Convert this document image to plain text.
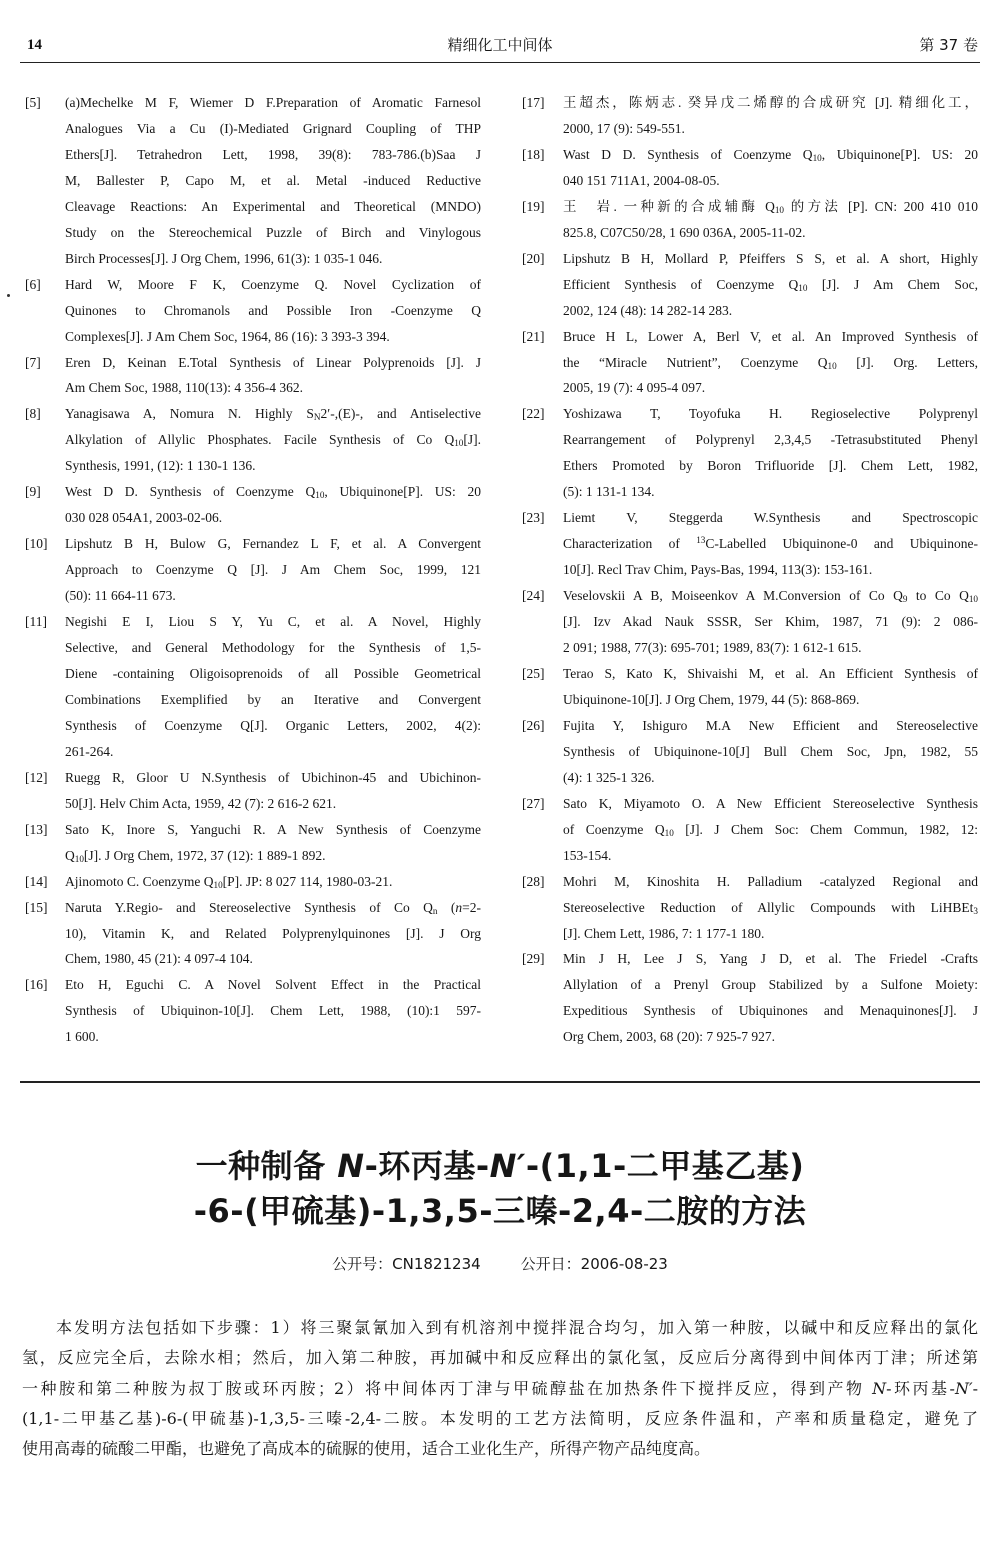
14	精细化工中间体	第 37 卷
[5] (a)Mechelke M F, Wiemer D F.Preparation of Aromatic Farnesol
Analogues Via a Cu (I)-Mediated Grignard Coupling of THP
Ethers[J]. Tetrahedron Lett, 1998, 39(8): 783-786.(b)Saa J
M, Ballester P, Capo M, et al. Metal -induced Reductive
Cleavage Reactions: An Experimental and Theoretical (MNDO)
Study on the Stereochemical Puzzle of Birch and Vinylogous
Birch Processes[J]. J Org Chem, 1996, 61(3): 1 035-1 046.
[6] Hard W, Moore F K, Coenzyme Q. Novel Cyclization of
Quinones to Chromanols and Possible Iron -Coenzyme Q
Complexes[J]. J Am Chem Soc, 1964, 86 (16): 3 393-3 394.
[7] Eren D, Keinan E.Total Synthesis of Linear Polyprenoids [J]. J
Am Chem Soc, 1988, 110(13): 4 356-4 362.
[8] Yanagisawa A, Nomura N. Highly $S_N2'-,(E)-$, and Antiselective
Alkylation of Allylic Phosphates. Facile Synthesis of Co $Q_{10}[J]$.
Synthesis, 1991, (12): 1 130-1 136.
[9] West D D. Synthesis of Coenzyme $Q_{10}$, Ubiquinone[P]. US: 20
030 028 054A1, 2003-02-06.
[10] Lipshutz B H, Bulow G, Fernandez L F, et al. A Convergent
Approach to Coenzyme Q [J]. J Am Chem Soc, 1999, 121
(50): 11 664-11 673.
[11] Negishi E I, Liou S Y, Yu C, et al. A Novel, Highly
Selective, and General Methodology for the Synthesis of 1,5-
Diene -containing Oligoisoprenoids of all Possible Geometrical
Combinations Exemplified by an Iterative and Convergent
Synthesis of Coenzyme Q[J]. Organic Letters, 2002, 4(2):
261-264.
[12] Ruegg R, Gloor U N.Synthesis of Ubichinon-45 and Ubichinon-
50[J]. Helv Chim Acta, 1959, 42 (7): 2 616-2 621.
[13] Sato K, Inore S, Yanguchi R. A New Synthesis of Coenzyme
$Q_{10}[J]$. J Org Chem, 1972, 37 (12): 1 889-1 892.
[14] Ajinomoto C. Coenzyme $Q_{10}[P]$. JP: 8 027 114, 1980-03-21.
[15] Naruta Y.Regio- and Stereoselective Synthesis of Co $Q_n$ (n=2-
10), Vitamin K, and Related Polyprenylquinones [J]. J Org
Chem, 1980, 45 (21): 4 097-4 104.
[16] Eto H, Eguchi C. A Novel Solvent Effect in the Practical
Synthesis of Ubiquinon-10[J]. Chem Lett, 1988, (10):1 597-
1 600.
[17] 王超杰，陈炳志. 癸异戊二烯醇的合成研究 [J]. 精细化工，
2000, 17 (9): 549-551.
[18] Wast D D. Synthesis of Coenzyme $Q_{10}$, Ubiquinone[P]. US: 20
040 151 711A1, 2004-08-05.
[19] 王　岩. 一种新的合成辅酶 $Q_{10}$ 的方法 [P]. CN: 200 410 010
825.8, C07C50/28, 1 690 036A, 2005-11-02.
[20] Lipshutz B H, Mollard P, Pfeiffers S S, et al. A short, Highly
Efficient Synthesis of Coenzyme $Q_{10}$ [J]. J Am Chem Soc,
2002, 124 (48): 14 282-14 283.
[21] Bruce H L, Lower A, Berl V, et al. An Improved Synthesis of
the “Miracle Nutrient”, Coenzyme $Q_{10}$ [J]. Org. Letters,
2005, 19 (7): 4 095-4 097.
[22] Yoshizawa T, Toyofuka H. Regioselective Polyprenyl
Rearrangement of Polyprenyl 2,3,4,5 -Tetrasubstituted Phenyl
Ethers Promoted by Boron Trifluoride [J]. Chem Lett, 1982,
(5): 1 131-1 134.
[23] Liemt V, Steggerda W.Synthesis and Spectroscopic
Characterization of $^{13}$C-Labelled Ubiquinone-0 and Ubiquinone-
10[J]. Recl Trav Chim, Pays-Bas, 1994, 113(3): 153-161.
[24] Veselovskii A B, Moiseenkov A M.Conversion of Co $Q_9$ to Co $Q_{10}$
[J]. Izv Akad Nauk SSSR, Ser Khim, 1987, 71 (9): 2 086-
2 091; 1988, 77(3): 695-701; 1989, 83(7): 1 612-1 615.
[25] Terao S, Kato K, Shivaishi M, et al. An Efficient Synthesis of
Ubiquinone-10[J]. J Org Chem, 1979, 44 (5): 868-869.
[26] Fujita Y, Ishiguro M.A New Efficient and Stereoselective
Synthesis of Ubiquinone-10[J] Bull Chem Soc, Jpn, 1982, 55
(4): 1 325-1 326.
[27] Sato K, Miyamoto O. A New Efficient Stereoselective Synthesis
of Coenzyme $Q_{10}$ [J]. J Chem Soc: Chem Commun, 1982, 12:
153-154.
[28] Mohri M, Kinoshita H. Palladium -catalyzed Regional and
Stereoselective Reduction of Allylic Compounds with LiHBEt$_3$
[J]. Chem Lett, 1986, 7: 1 177-1 180.
[29] Min J H, Lee J S, Yang J D, et al. The Friedel -Crafts
Allylation of a Prenyl Group Stabilized by a Sulfone Moiety:
Expeditious Synthesis of Ubiquinones and Menaquinones[J]. J
Org Chem, 2003, 68 (20): 7 925-7 927.
一种制备 N-环丙基-N′-(1,1-二甲基乙基)
-6-(甲硫基)-1,3,5-三嗪-2,4-二胺的方法
公开号：CN1821234	公开日：2006-08-23
本发明方法包括如下步骤：1）将三聚氯氰加入到有机溶剂中搅拌混合均匀，加入第一种胺，以碱中和反应释出的氯化
氢，反应完全后，去除水相；然后，加入第二种胺，再加碱中和反应释出的氯化氢，反应后分离得到中间体丙丁津；所述第
一种胺和第二种胺为叔丁胺或环丙胺；2）将中间体丙丁津与甲硫醇盐在加热条件下搅拌反应，得到产物 N-环丙基-N′-
(1,1-二甲基乙基)-6-(甲硫基)-1,3,5-三嗪-2,4-二胺。本发明的工艺方法简明，反应条件温和，产率和质量稳定，避免了
使用高毒的硫酸二甲酯，也避免了高成本的硫脲的使用，适合工业化生产，所得产物产品纯度高。
